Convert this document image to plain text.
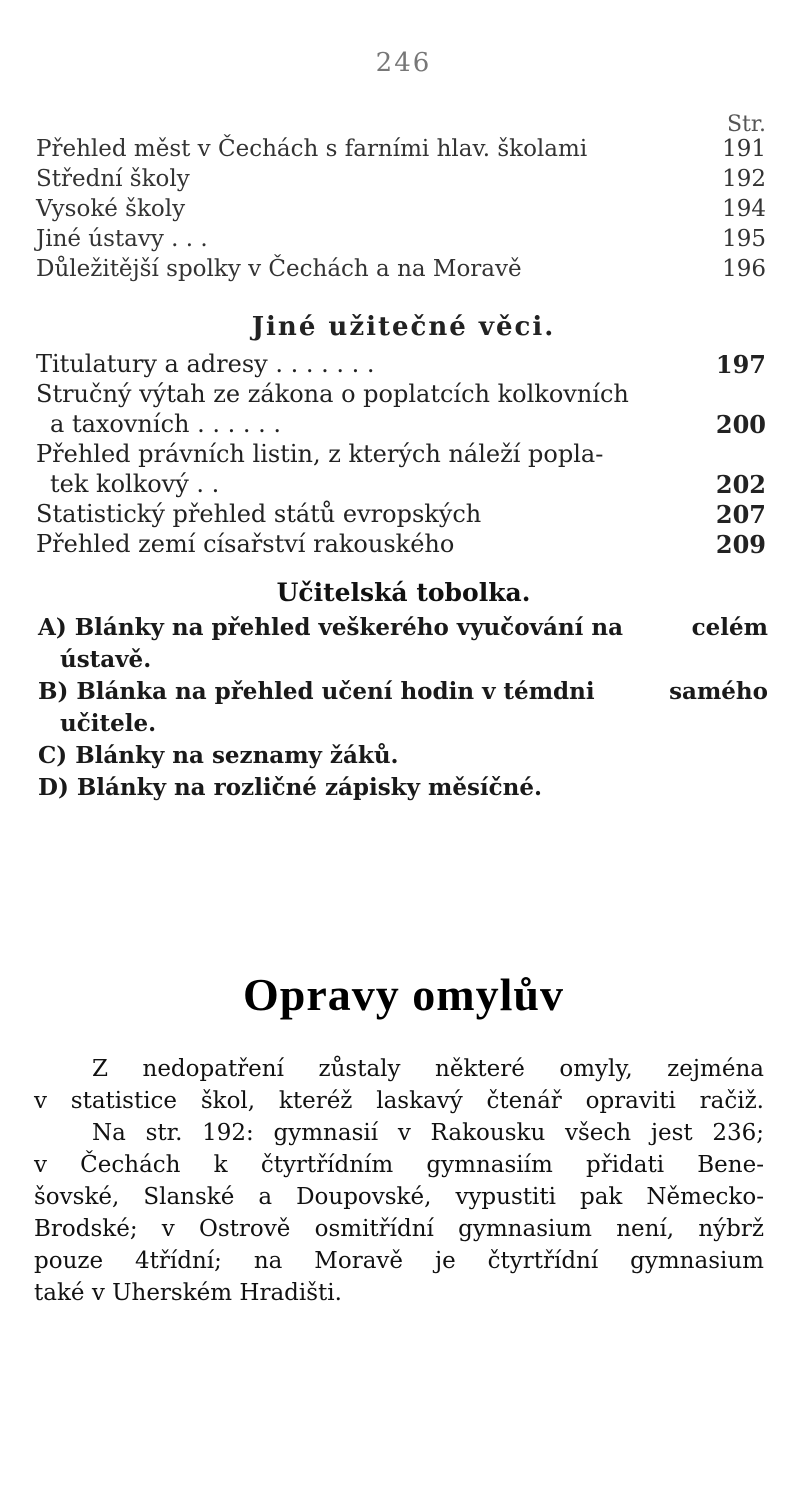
246
Str.
Přehled měst v Čechách s farními hlav. školami	191
Střední školy	192
Vysoké školy	194
Jiné ústavy . . .	195
Důležitější spolky v Čechách a na Moravě	196
Jiné užitečné věci.
Titulatury a adresy . . . . . . .	197
Stručný výtah ze zákona o poplatcích kolkovních
a taxovních . . . . . .	200
Přehled právních listin, z kterých náleží popla-
tek kolkový . .	202
Statistický přehled států evropských	207
Přehled zemí císařství rakouského	209
Učitelská tobolka.
A) Blánky na přehled veškerého vyučování na	celém
ústavě.
B) Blánka na přehled učení hodin v témdni	samého
učitele.
C) Blánky na seznamy žáků.
D) Blánky na rozličné zápisky měsíčné.
Opravy omylův
Z nedopatření zůstaly některé omyly, zejména
v statistice škol, kteréž laskavý čtenář opraviti račiž.
Na str. 192: gymnasií v Rakousku všech jest 236;
v Čechách k čtyrtřídním gymnasiím přidati Bene-
šovské, Slanské a Doupovské, vypustiti pak Německo-
Brodské; v Ostrově osmitřídní gymnasium není, nýbrž
pouze 4třídní; na Moravě je čtyrtřídní gymnasium
také v Uherském Hradišti.
